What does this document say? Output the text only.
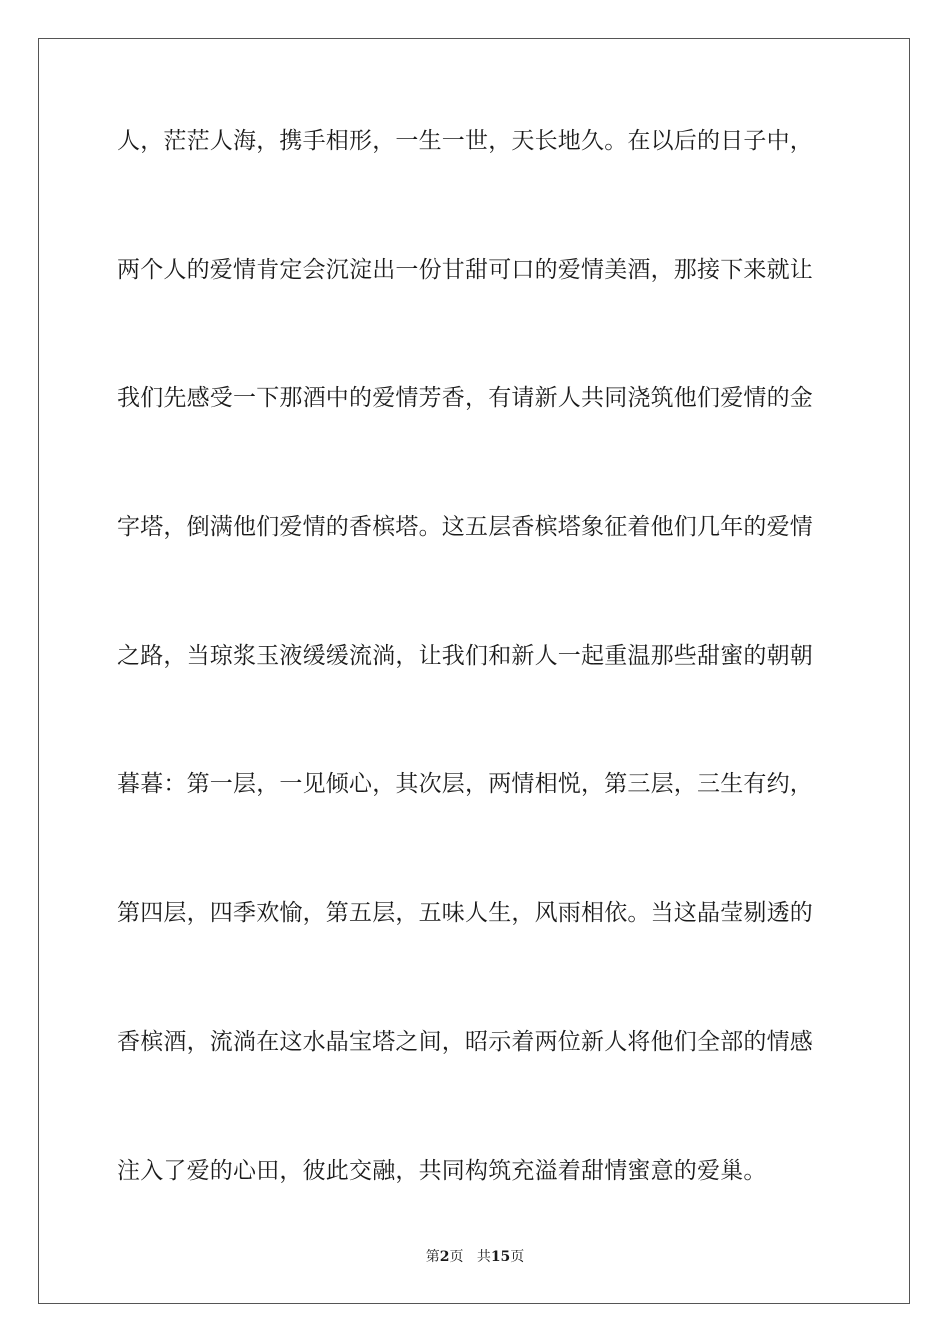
人，茫茫人海，携手相形，一生一世，天长地久。在以后的日子中，
两个人的爱情肯定会沉淀出一份甘甜可口的爱情美酒，那接下来就让
我们先感受一下那酒中的爱情芳香，有请新人共同浇筑他们爱情的金
字塔，倒满他们爱情的香槟塔。这五层香槟塔象征着他们几年的爱情
之路，当琼浆玉液缓缓流淌，让我们和新人一起重温那些甜蜜的朝朝
暮暮：第一层，一见倾心，其次层，两情相悦，第三层，三生有约，
第四层，四季欢愉，第五层，五味人生，风雨相依。当这晶莹剔透的
香槟酒，流淌在这水晶宝塔之间，昭示着两位新人将他们全部的情感
注入了爱的心田，彼此交融，共同构筑充溢着甜情蜜意的爱巢。
第2页 共15页
